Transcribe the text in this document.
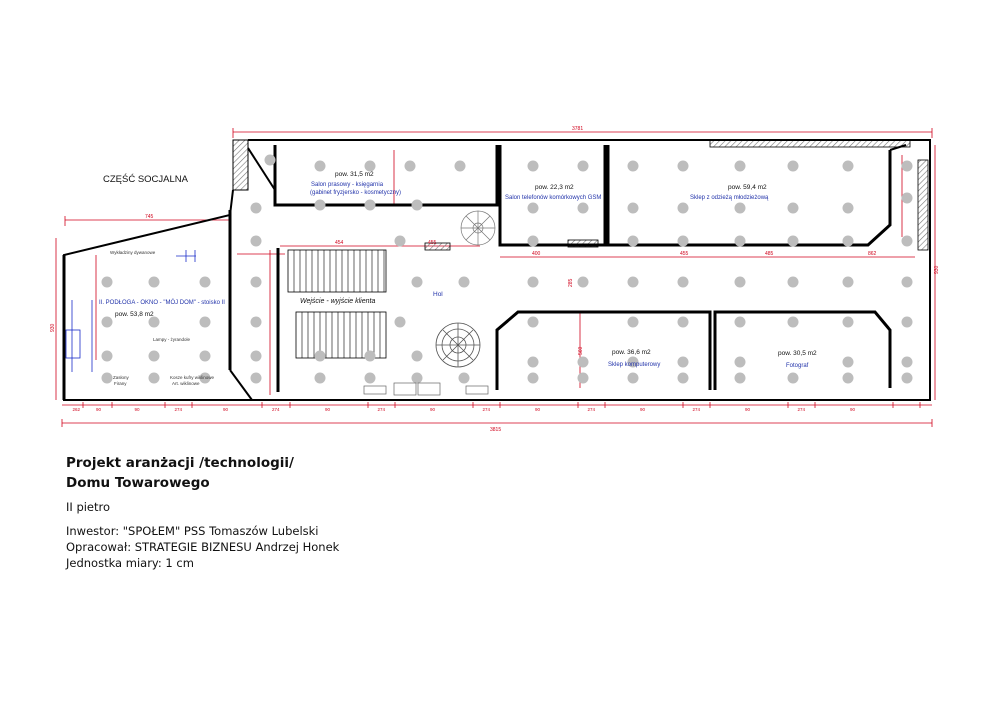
CZĘŚĆ SOCJALNA	pow. 31,5 m2
Salon prasowy - księgarnia
(gabinet fryzjersko - kosmetyczny)
pow. 22,3 m2
Salon telefonów komórkowych GSM
pow. 59,4 m2
Sklep z odzieżą młodzieżową
pow. 36,6 m2
Sklep komputerowy
pow. 30,5 m2
Fotograf
II. PODŁOGA - OKNO - "MÓJ DOM" - stoisko II
pow. 53,8 m2
Hol
Wejście - wyjście klienta
Wykładziny dywanowe
Lampy - żyrandole
Zasłony
Firany
Kosze kufry wiklinowe
Art. wiklinowe
3781
3815
745
454	455
400	455	485	862
930
930
560
285
262	90	90	274	90	274	90	274	90	274	90	274	90	274	90	274	90
Projekt aranżacji /technologii/
Domu Towarowego
II pietro
Inwestor: "SPOŁEM" PSS Tomaszów Lubelski
Opracował: STRATEGIE BIZNESU Andrzej Honek
Jednostka miary: 1 cm
